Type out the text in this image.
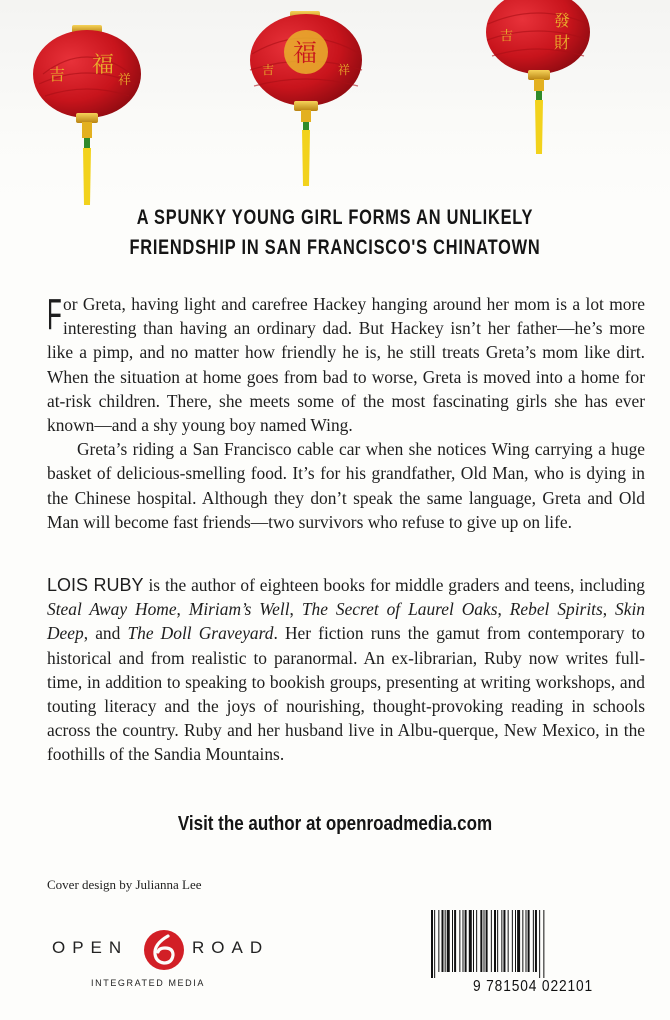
吉 福
祥
福
吉	祥
發
財
吉
A SPUNKY YOUNG GIRL FORMS AN UNLIKELY
FRIENDSHIP IN SAN FRANCISCO'S CHINATOWN

For Greta, having light and carefree Hackey hanging around her mom is a lot more interesting than having an ordinary dad. But Hackey isn’t her father—he’s more like a pimp, and no matter how friendly he is, he still treats Greta’s mom like dirt. When the situation at home goes from bad to worse, Greta is moved into a home for at-risk children. There, she meets some of the most fascinating girls she has ever known—and a shy young boy named Wing.

Greta’s riding a San Francisco cable car when she notices Wing carrying a huge basket of delicious-smelling food. It’s for his grandfather, Old Man, who is dying in the Chinese hospital. Although they don’t speak the same language, Greta and Old Man will become fast friends—two survivors who refuse to give up on life.

LOIS RUBY is the author of eighteen books for middle graders and teens, including Steal Away Home, Miriam’s Well, The Secret of Laurel Oaks, Rebel Spirits, Skin Deep, and The Doll Graveyard. Her fiction runs the gamut from contemporary to historical and from realistic to paranormal. An ex-librarian, Ruby now writes full-time, in addition to speaking to bookish groups, presenting at writing workshops, and touting literacy and the joys of nourishing, thought-provoking reading in schools across the country. Ruby and her husband live in Albu-querque, New Mexico, in the foothills of the Sandia Mountains.

Visit the author at openroadmedia.com
Cover design by Julianna Lee
OPEN	ROAD
INTEGRATED MEDIA	9 781504 022101
